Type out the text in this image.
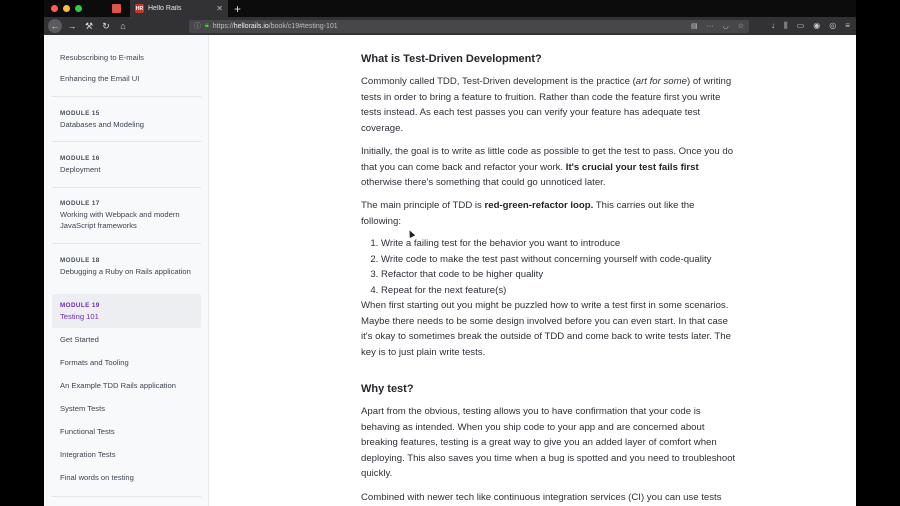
HR Hello Rails	✕ +
← → ⚒	↻	⌂	ⓘ 🔒︎ https://hellorails.io/book/c19#testing-101	▤ ··· ◡ ☆	↓ ⫼ ▭ ◉ ◎ ≡
Resubscribing to E-mails
Enhancing the Email UI
MODULE 15
Databases and Modeling
MODULE 16
Deployment
MODULE 17
Working with Webpack and modern JavaScript frameworks
MODULE 18
Debugging a Ruby on Rails application
MODULE 19
Testing 101
Get Started
Formats and Tooling
An Example TDD Rails application
System Tests
Functional Tests
Integration Tests
Final words on testing
What is Test-Driven Development?

Commonly called TDD, Test-Driven development is the practice (art for some) of writing tests in order to bring a feature to fruition. Rather than code the feature first you write tests instead. As each test passes you can verify your feature has adequate test coverage.

Initially, the goal is to write as little code as possible to get the test to pass. Once you do that you can come back and refactor your work. It's crucial your test fails first otherwise there's something that could go unnoticed later.

The main principle of TDD is red-green-refactor loop. This carries out like the following:

1. Write a failing test for the behavior you want to introduce
2. Write code to make the test past without concerning yourself with code-quality
3. Refactor that code to be higher quality
4. Repeat for the next feature(s)

When first starting out you might be puzzled how to write a test first in some scenarios. Maybe there needs to be some design involved before you can even start. In that case it's okay to sometimes break the outside of TDD and come back to write tests later. The key is to just plain write tests.

Why test?

Apart from the obvious, testing allows you to have confirmation that your code is behaving as intended. When you ship code to your app and are concerned about breaking features, testing is a great way to give you an added layer of comfort when deploying. This also saves you time when a bug is spotted and you need to troubleshoot quickly.

Combined with newer tech like continuous integration services (CI) you can use tests
